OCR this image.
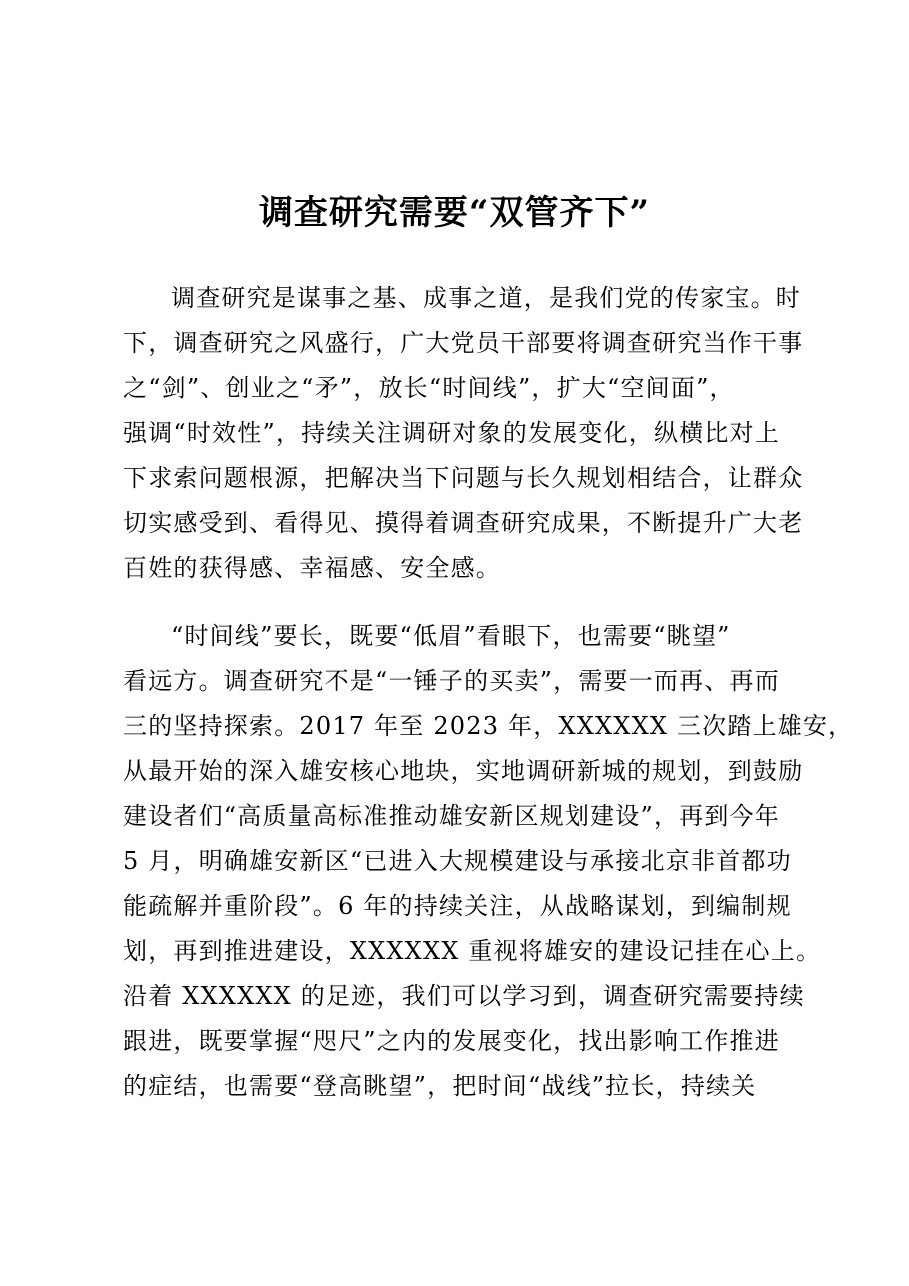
调查研究需要“双管齐下”
调查研究是谋事之基、成事之道，是我们党的传家宝。时
下，调查研究之风盛行，广大党员干部要将调查研究当作干事
之“剑”、创业之“矛”，放长“时间线”，扩大“空间面”，
强调“时效性”，持续关注调研对象的发展变化，纵横比对上
下求索问题根源，把解决当下问题与长久规划相结合，让群众
切实感受到、看得见、摸得着调查研究成果，不断提升广大老
百姓的获得感、幸福感、安全感。
“时间线”要长，既要“低眉”看眼下，也需要“眺望”
看远方。调查研究不是“一锤子的买卖”，需要一而再、再而
三的坚持探索。2017 年至 2023 年，XXXXXX 三次踏上雄安，
从最开始的深入雄安核心地块，实地调研新城的规划，到鼓励
建设者们“高质量高标准推动雄安新区规划建设”，再到今年
5 月，明确雄安新区“已进入大规模建设与承接北京非首都功
能疏解并重阶段”。6 年的持续关注，从战略谋划，到编制规
划，再到推进建设，XXXXXX 重视将雄安的建设记挂在心上。
沿着 XXXXXX 的足迹，我们可以学习到，调查研究需要持续
跟进，既要掌握“咫尺”之内的发展变化，找出影响工作推进
的症结，也需要“登高眺望”，把时间“战线”拉长，持续关
